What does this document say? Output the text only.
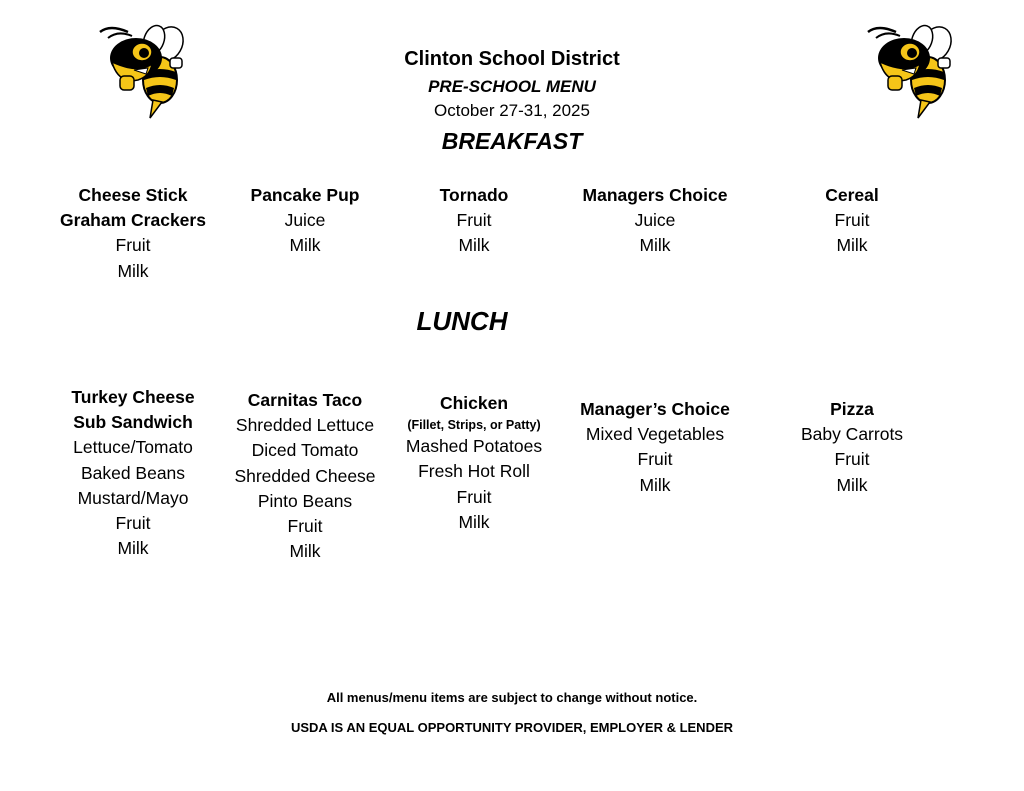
Clinton School District
PRE-SCHOOL MENU
October 27-31, 2025
BREAKFAST
Cheese Stick
Graham Crackers
Fruit
Milk
Pancake Pup
Juice
Milk
Tornado
Fruit
Milk
Managers Choice
Juice
Milk
Cereal
Fruit
Milk
LUNCH
Turkey Cheese
Sub Sandwich
Lettuce/Tomato
Baked Beans
Mustard/Mayo
Fruit
Milk
Carnitas Taco
Shredded Lettuce
Diced Tomato
Shredded Cheese
Pinto Beans
Fruit
Milk
Chicken
(Fillet, Strips, or Patty)
Mashed Potatoes
Fresh Hot Roll
Fruit
Milk
Manager’s Choice
Mixed Vegetables
Fruit
Milk
Pizza
Baby Carrots
Fruit
Milk
All menus/menu items are subject to change without notice.
USDA IS AN EQUAL OPPORTUNITY PROVIDER, EMPLOYER & LENDER
